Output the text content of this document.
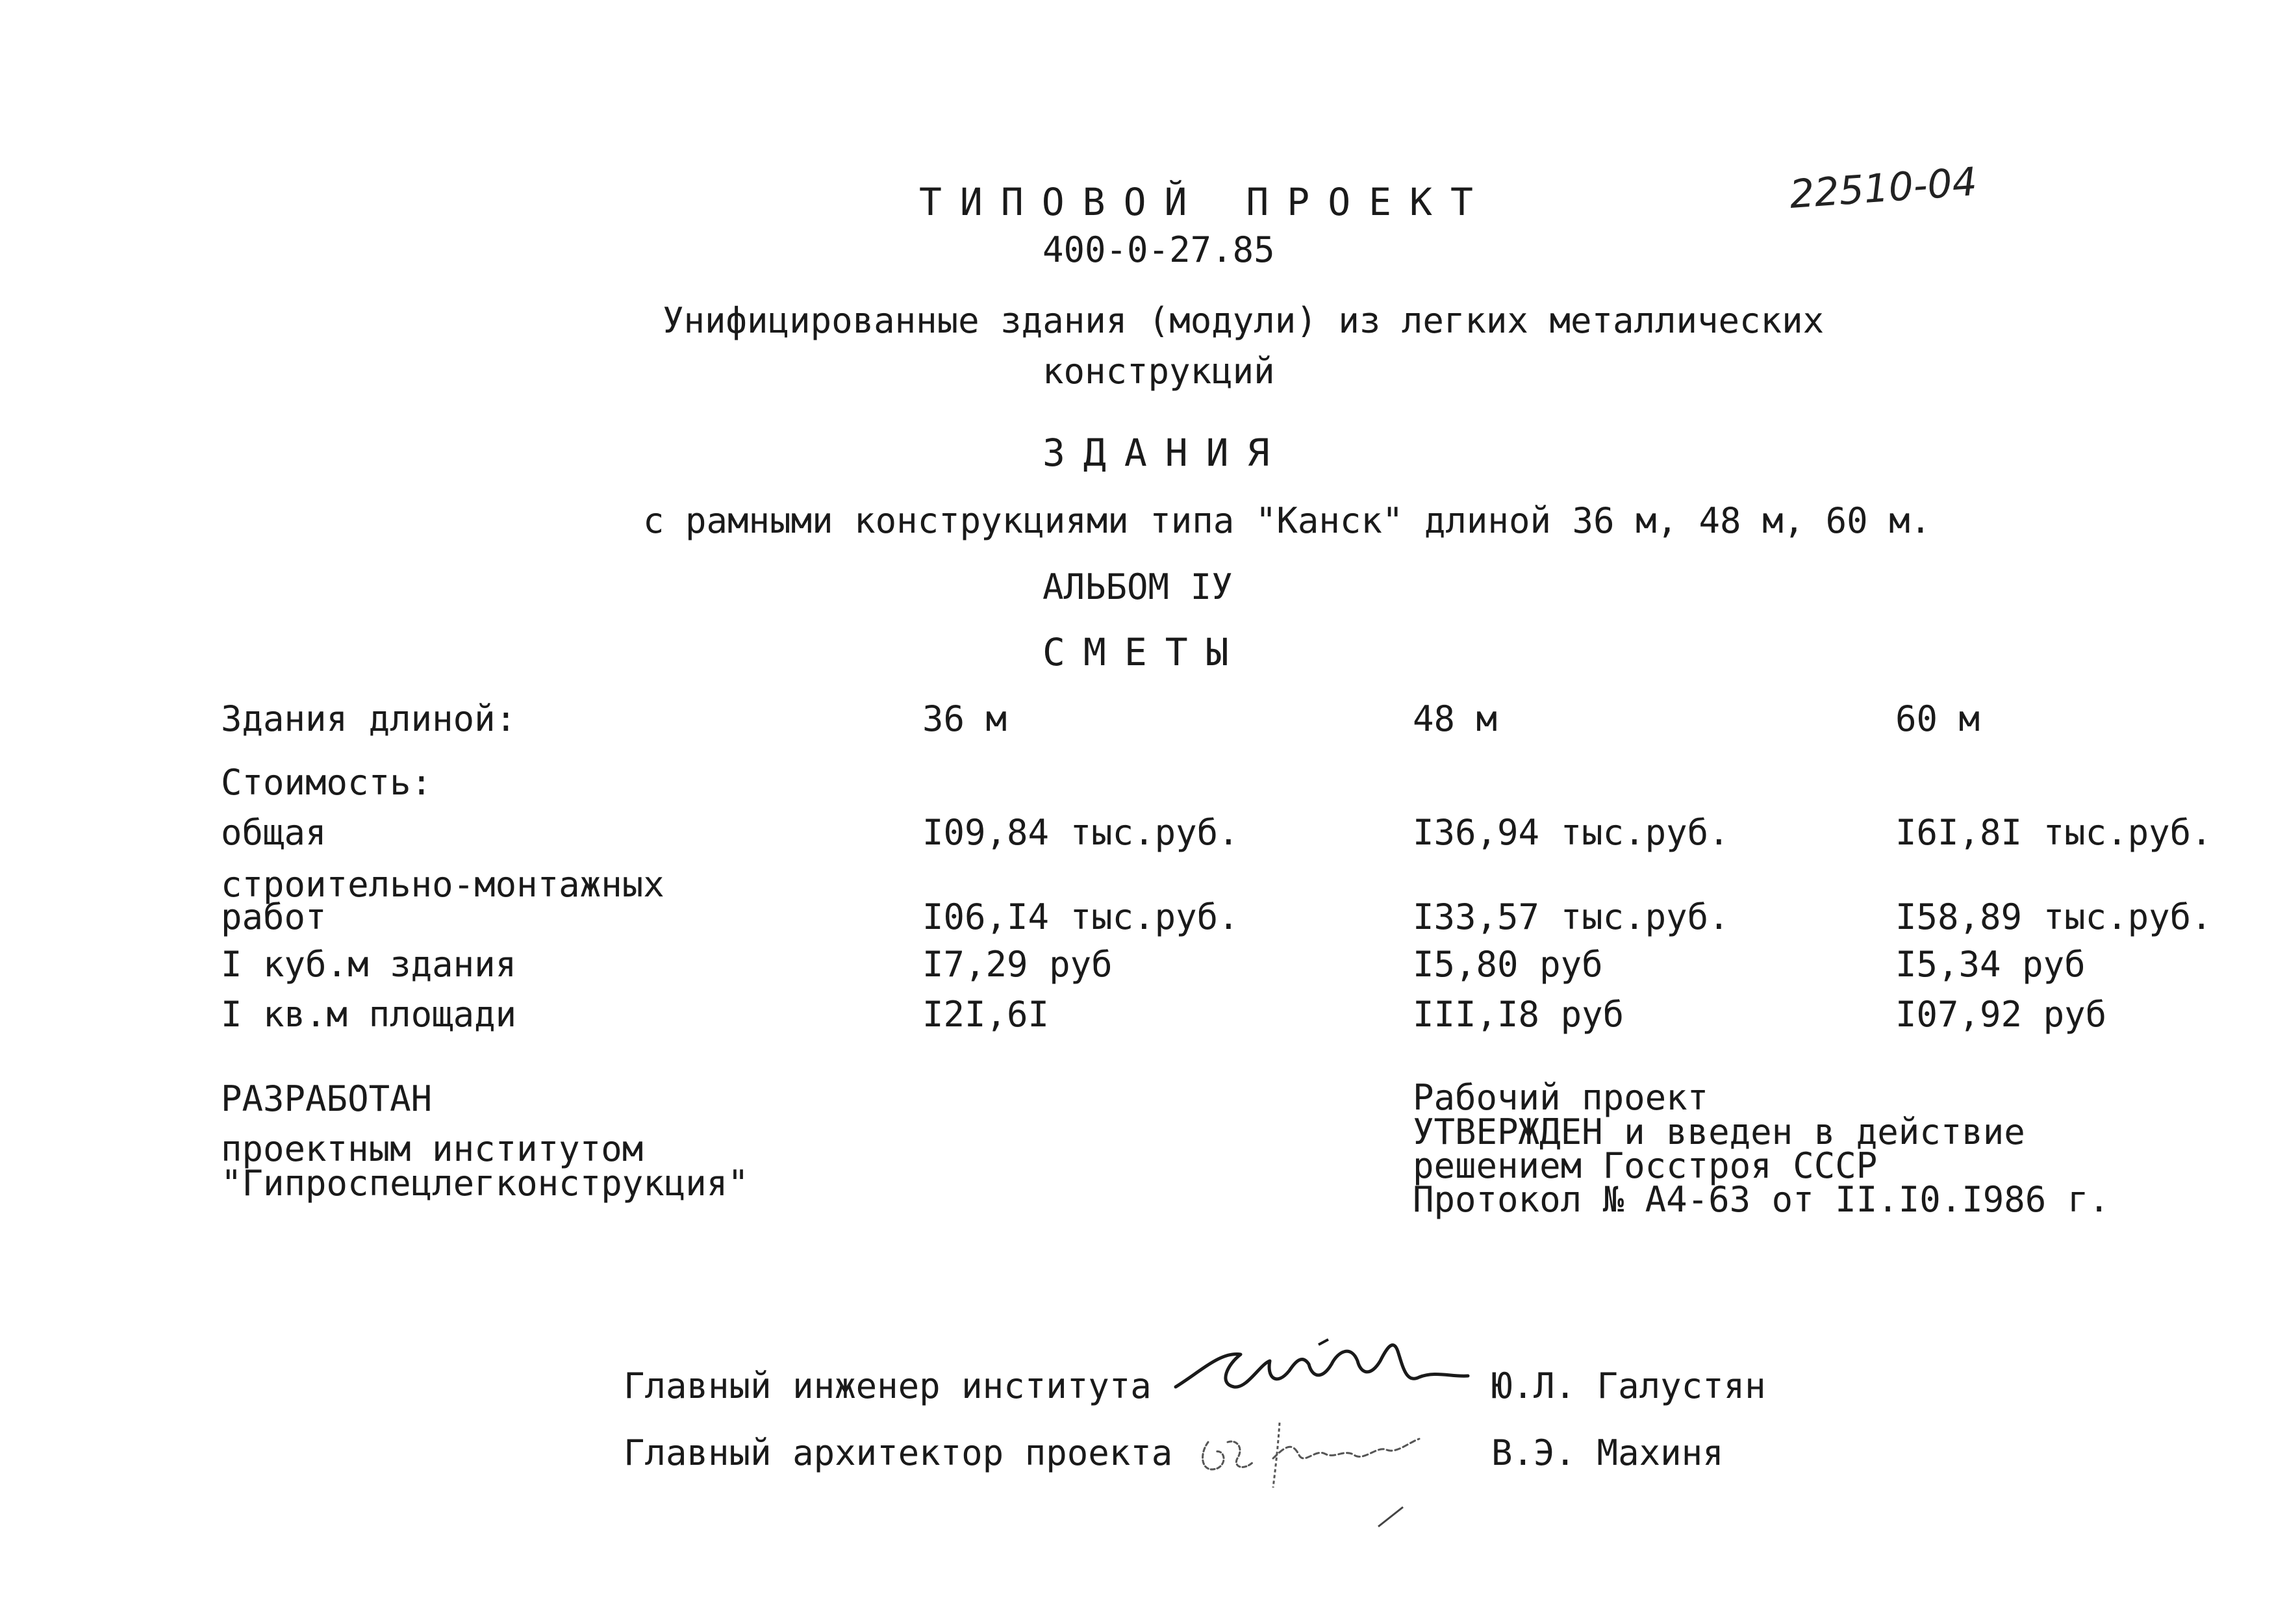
ТИПОВОЙ ПРОЕКТ
400-0-27.85
22510-04
Унифицированные здания (модули) из легких металлических
конструкций
ЗДАНИЯ
с рамными конструкциями типа "Канск" длиной 36 м, 48 м, 60 м.
АЛЬБОМ IУ
СМЕТЫ
Здания длиной:	36 м	48 м	60 м
Стоимость:
общая	I09,84 тыс.руб.	I36,94 тыс.руб.	I6I,8I тыс.руб.
строительно-монтажных
работ	I06,I4 тыс.руб.	I33,57 тыс.руб.	I58,89 тыс.руб.
I куб.м здания	I7,29 руб	I5,80 руб	I5,34 руб
I кв.м площади	I2I,6I	III,I8 руб	I07,92 руб
РАЗРАБОТАН
проектным институтом
"Гипроспецлегконструкция"
Рабочий проект
УТВЕРЖДЕН и введен в действие
решением Госстроя СССР
Протокол № А4-63 от II.I0.I986 г.
Главный инженер института	Ю.Л. Галустян
Главный архитектор проекта	В.Э. Махиня
